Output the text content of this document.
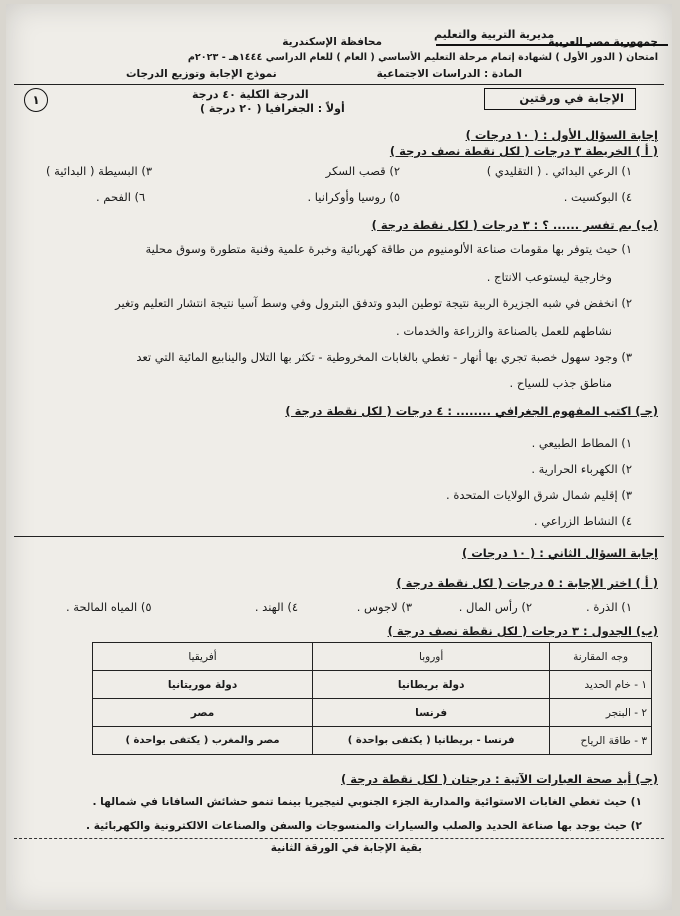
جمهورية مصر العربية
محافظة الإسكندرية
مديرية التربية والتعليم
امتحان ( الدور الأول ) لشهادة إتمام مرحلة التعليم الأساسي ( العام ) للعام الدراسي ١٤٤٤هـ - ٢٠٢٣م
المادة : الدراسات الاجتماعية
نموذج الإجابة وتوزيع الدرجات
الإجابة في ورقتين
الدرجة الكلية ٤٠ درجة
أولاً : الجغرافيا ( ٢٠ درجة )
١
إجابة السؤال الأول : ( ١٠ درجات )
( أ ) الخريطة ٣ درجات ( لكل نقطة نصف درجة )
١) الرعي البدائي . ( التقليدي )
٢) قصب السكر
٣) البسيطة ( البدائية )
٤) البوكسيت .
٥) روسيا وأوكرانيا .
٦) الفحم .
(ب) بم تفسر ...... ؟ : ٣ درجات ( لكل نقطة درجة )
١) حيث يتوفر بها مقومات صناعة الألومنيوم من طاقة كهربائية وخبرة علمية وفنية متطورة وسوق محلية
وخارجية ليستوعب الانتاج .
٢) انخفض في شبه الجزيرة الربية نتيجة توطين البدو وتدفق البترول وفي وسط آسيا نتيجة انتشار التعليم وتغير
نشاطهم للعمل بالصناعة والزراعة والخدمات .
٣) وجود سهول خصبة تجري بها أنهار - تغطي بالغابات المخروطية - تكثر بها التلال والينابيع المائية التي تعد
مناطق جذب للسياح .
(جـ) اكتب المفهوم الجغرافي ........ : ٤ درجات ( لكل نقطة درجة )
١) المطاط الطبيعي .
٢) الكهرباء الحرارية .
٣) إقليم شمال شرق الولايات المتحدة .
٤) النشاط الزراعي .
إجابة السؤال الثاني : ( ١٠ درجات )
( أ ) اختر الإجابة : ٥ درجات ( لكل نقطة درجة )
١) الذرة .
٢) رأس المال .
٣) لاجوس .
٤) الهند .
٥) المياه المالحة .
(ب) الجدول : ٣ درجات ( لكل نقطة نصف درجة )
وجه المقارنة	أوروبا	أفريقيا
١ - خام الحديد	دولة بريطانيا	دولة موريتانيا
٢ - البنجر	فرنسا	مصر
٣ - طاقة الرياح	فرنسا - بريطانيا ( يكتفى بواحدة )	مصر والمغرب ( يكتفى بواحدة )
(جـ) أيد صحة العبارات الآتية : درجتان ( لكل نقطة درجة )
١) حيث تغطي الغابات الاستوائية والمدارية الجزء الجنوبي لنيجيريا بينما تنمو حشائش السافانا في شمالها .
٢) حيث يوجد بها صناعة الحديد والصلب والسيارات والمنسوجات والسفن والصناعات الالكترونية والكهربائية .
بقية الإجابة في الورقة الثانية
